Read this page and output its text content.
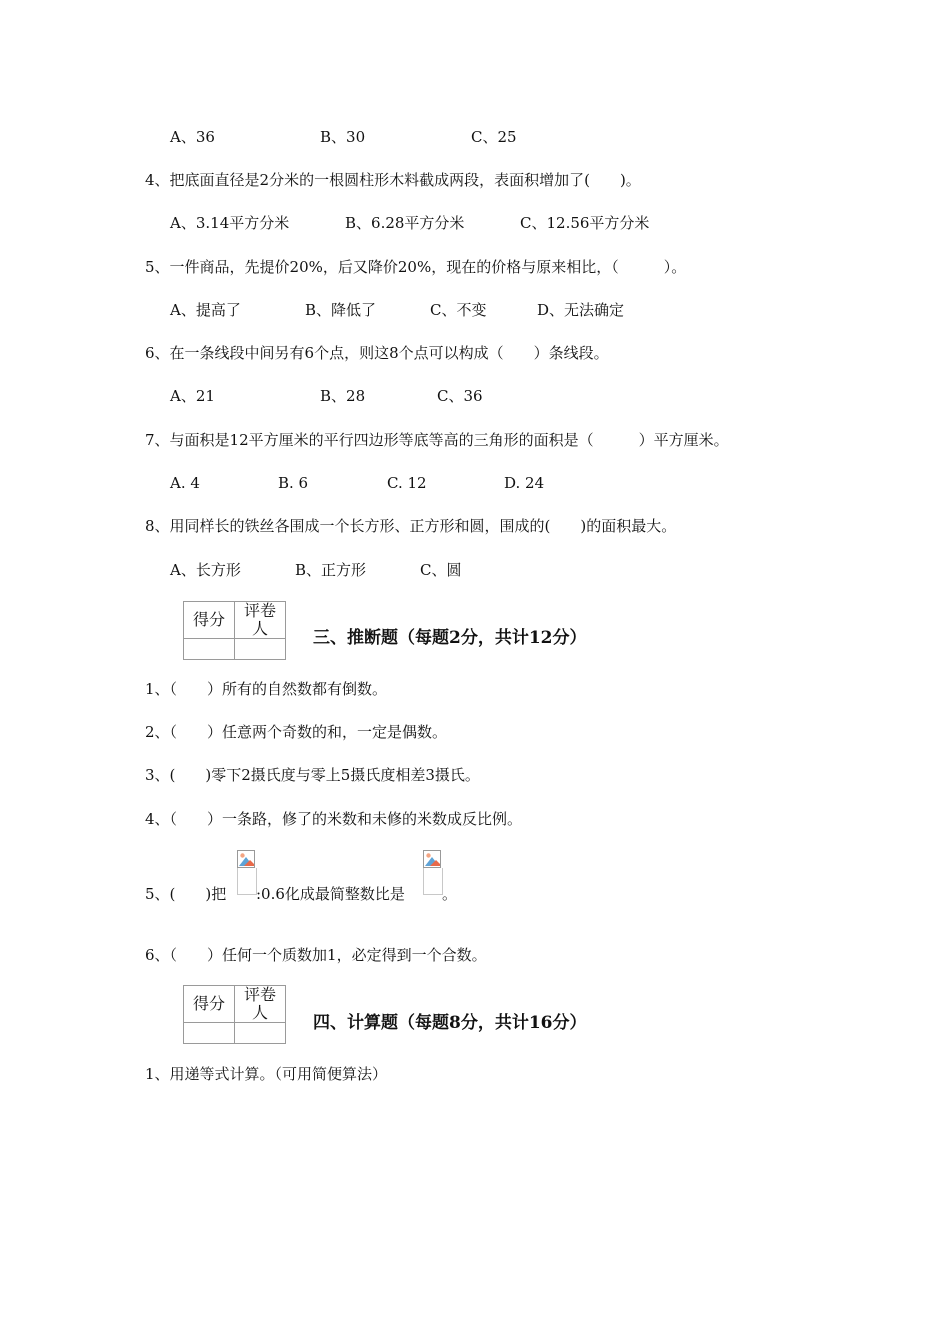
A、36	B、30	C、25
4、把底面直径是2分米的一根圆柱形木料截成两段，表面积增加了(　　)。
A、3.14平方分米	B、6.28平方分米	C、12.56平方分米
5、一件商品，先提价20%，后又降价20%，现在的价格与原来相比，（　　　）。
A、提高了	B、降低了	C、不变	D、无法确定
6、在一条线段中间另有6个点，则这8个点可以构成（　　）条线段。
A、21	B、28	C、36
7、与面积是12平方厘米的平行四边形等底等高的三角形的面积是（　　　）平方厘米。
A. 4	B. 6	C. 12	D. 24
8、用同样长的铁丝各围成一个长方形、正方形和圆，围成的(　　)的面积最大。
A、长方形	B、正方形	C、圆
得分	评卷人
		三、推断题（每题2分，共计12分）
1、（　　）所有的自然数都有倒数。
2、（　　）任意两个奇数的和，一定是偶数。
3、(　　)零下2摄氏度与零上5摄氏度相差3摄氏。
4、（　　）一条路，修了的米数和未修的米数成反比例。
5、(　　)把 :0.6化成最简整数比是 。
6、（　　）任何一个质数加1，必定得到一个合数。
得分	评卷人

四、计算题（每题8分，共计16分）
1、用递等式计算。（可用简便算法）
